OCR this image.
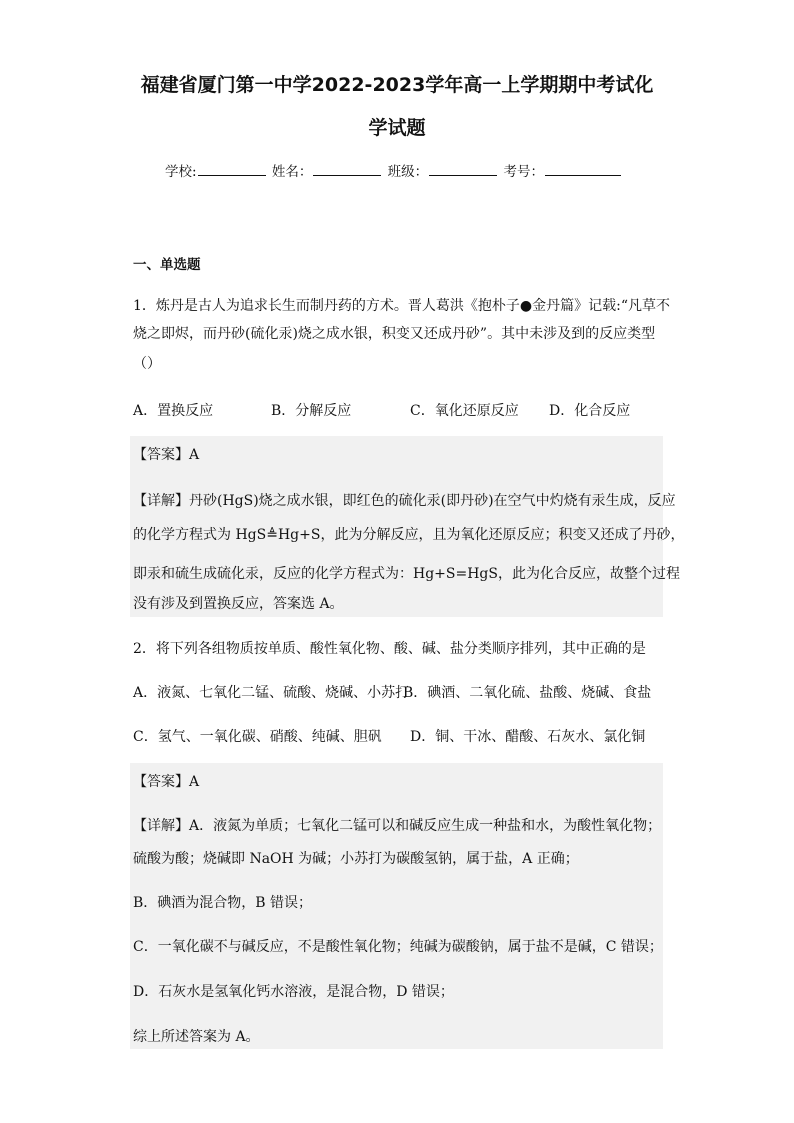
福建省厦门第一中学2022-2023学年高一上学期期中考试化
学试题
学校:	姓名：	班级：	考号：
一、单选题
1．炼丹是古人为追求长生而制丹药的方术。晋人葛洪《抱朴子●金丹篇》记载:“凡草不
烧之即烬，而丹砂(硫化汞)烧之成水银，积变又还成丹砂”。其中未涉及到的反应类型
（）
A．置换反应	B．分解反应	C．氧化还原反应 D．化合反应
【答案】A
【详解】丹砂(HgS)烧之成水银，即红色的硫化汞(即丹砂)在空气中灼烧有汞生成，反应
的化学方程式为 HgS≜Hg+S，此为分解反应，且为氧化还原反应；积变又还成了丹砂，
即汞和硫生成硫化汞，反应的化学方程式为：Hg+S=HgS，此为化合反应，故整个过程
没有涉及到置换反应，答案选 A。
2．将下列各组物质按单质、酸性氧化物、酸、碱、盐分类顺序排列，其中正确的是
A．液氮、七氧化二锰、硫酸、烧碱、小苏打
B．碘酒、二氧化硫、盐酸、烧碱、食盐
C．氢气、一氧化碳、硝酸、纯碱、胆矾 D．铜、干冰、醋酸、石灰水、氯化铜
【答案】A
【详解】A．液氮为单质；七氧化二锰可以和碱反应生成一种盐和水，为酸性氧化物；
硫酸为酸；烧碱即 NaOH 为碱；小苏打为碳酸氢钠，属于盐，A 正确；
B．碘酒为混合物，B 错误；
C．一氧化碳不与碱反应，不是酸性氧化物；纯碱为碳酸钠，属于盐不是碱，C 错误；
D．石灰水是氢氧化钙水溶液，是混合物，D 错误；
综上所述答案为 A。
